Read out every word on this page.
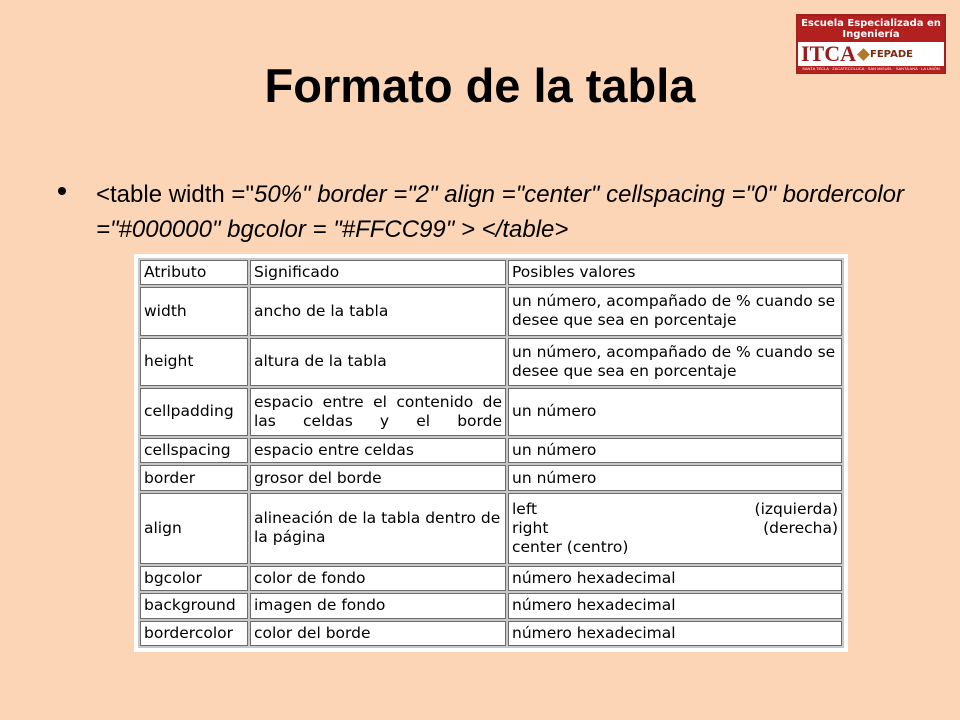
Escuela Especializada en Ingeniería
ITCA FEPADE
SANTA TECLA · ZACATECOLUCA · SAN MIGUEL · SANTA ANA · LA UNIÓN
Formato de la tabla

<table width ="50%" border ="2" align ="center" cellspacing ="0" bordercolor ="#000000" bgcolor = "#FFCC99" > </table>

Atributo	Significado	Posibles valores
width	ancho de la tabla	un número, acompañado de % cuando se desee que sea en porcentaje
height	altura de la tabla	un número, acompañado de % cuando se desee que sea en porcentaje
cellpadding	espacio entre el contenido de las celdas y el borde	un número
cellspacing	espacio entre celdas	un número
border	grosor del borde	un número
align	alineación de la tabla dentro de la página	left (izquierda)
right (derecha)
center (centro)

bgcolor	color de fondo	número hexadecimal
background	imagen de fondo	número hexadecimal
bordercolor	color del borde	número hexadecimal
